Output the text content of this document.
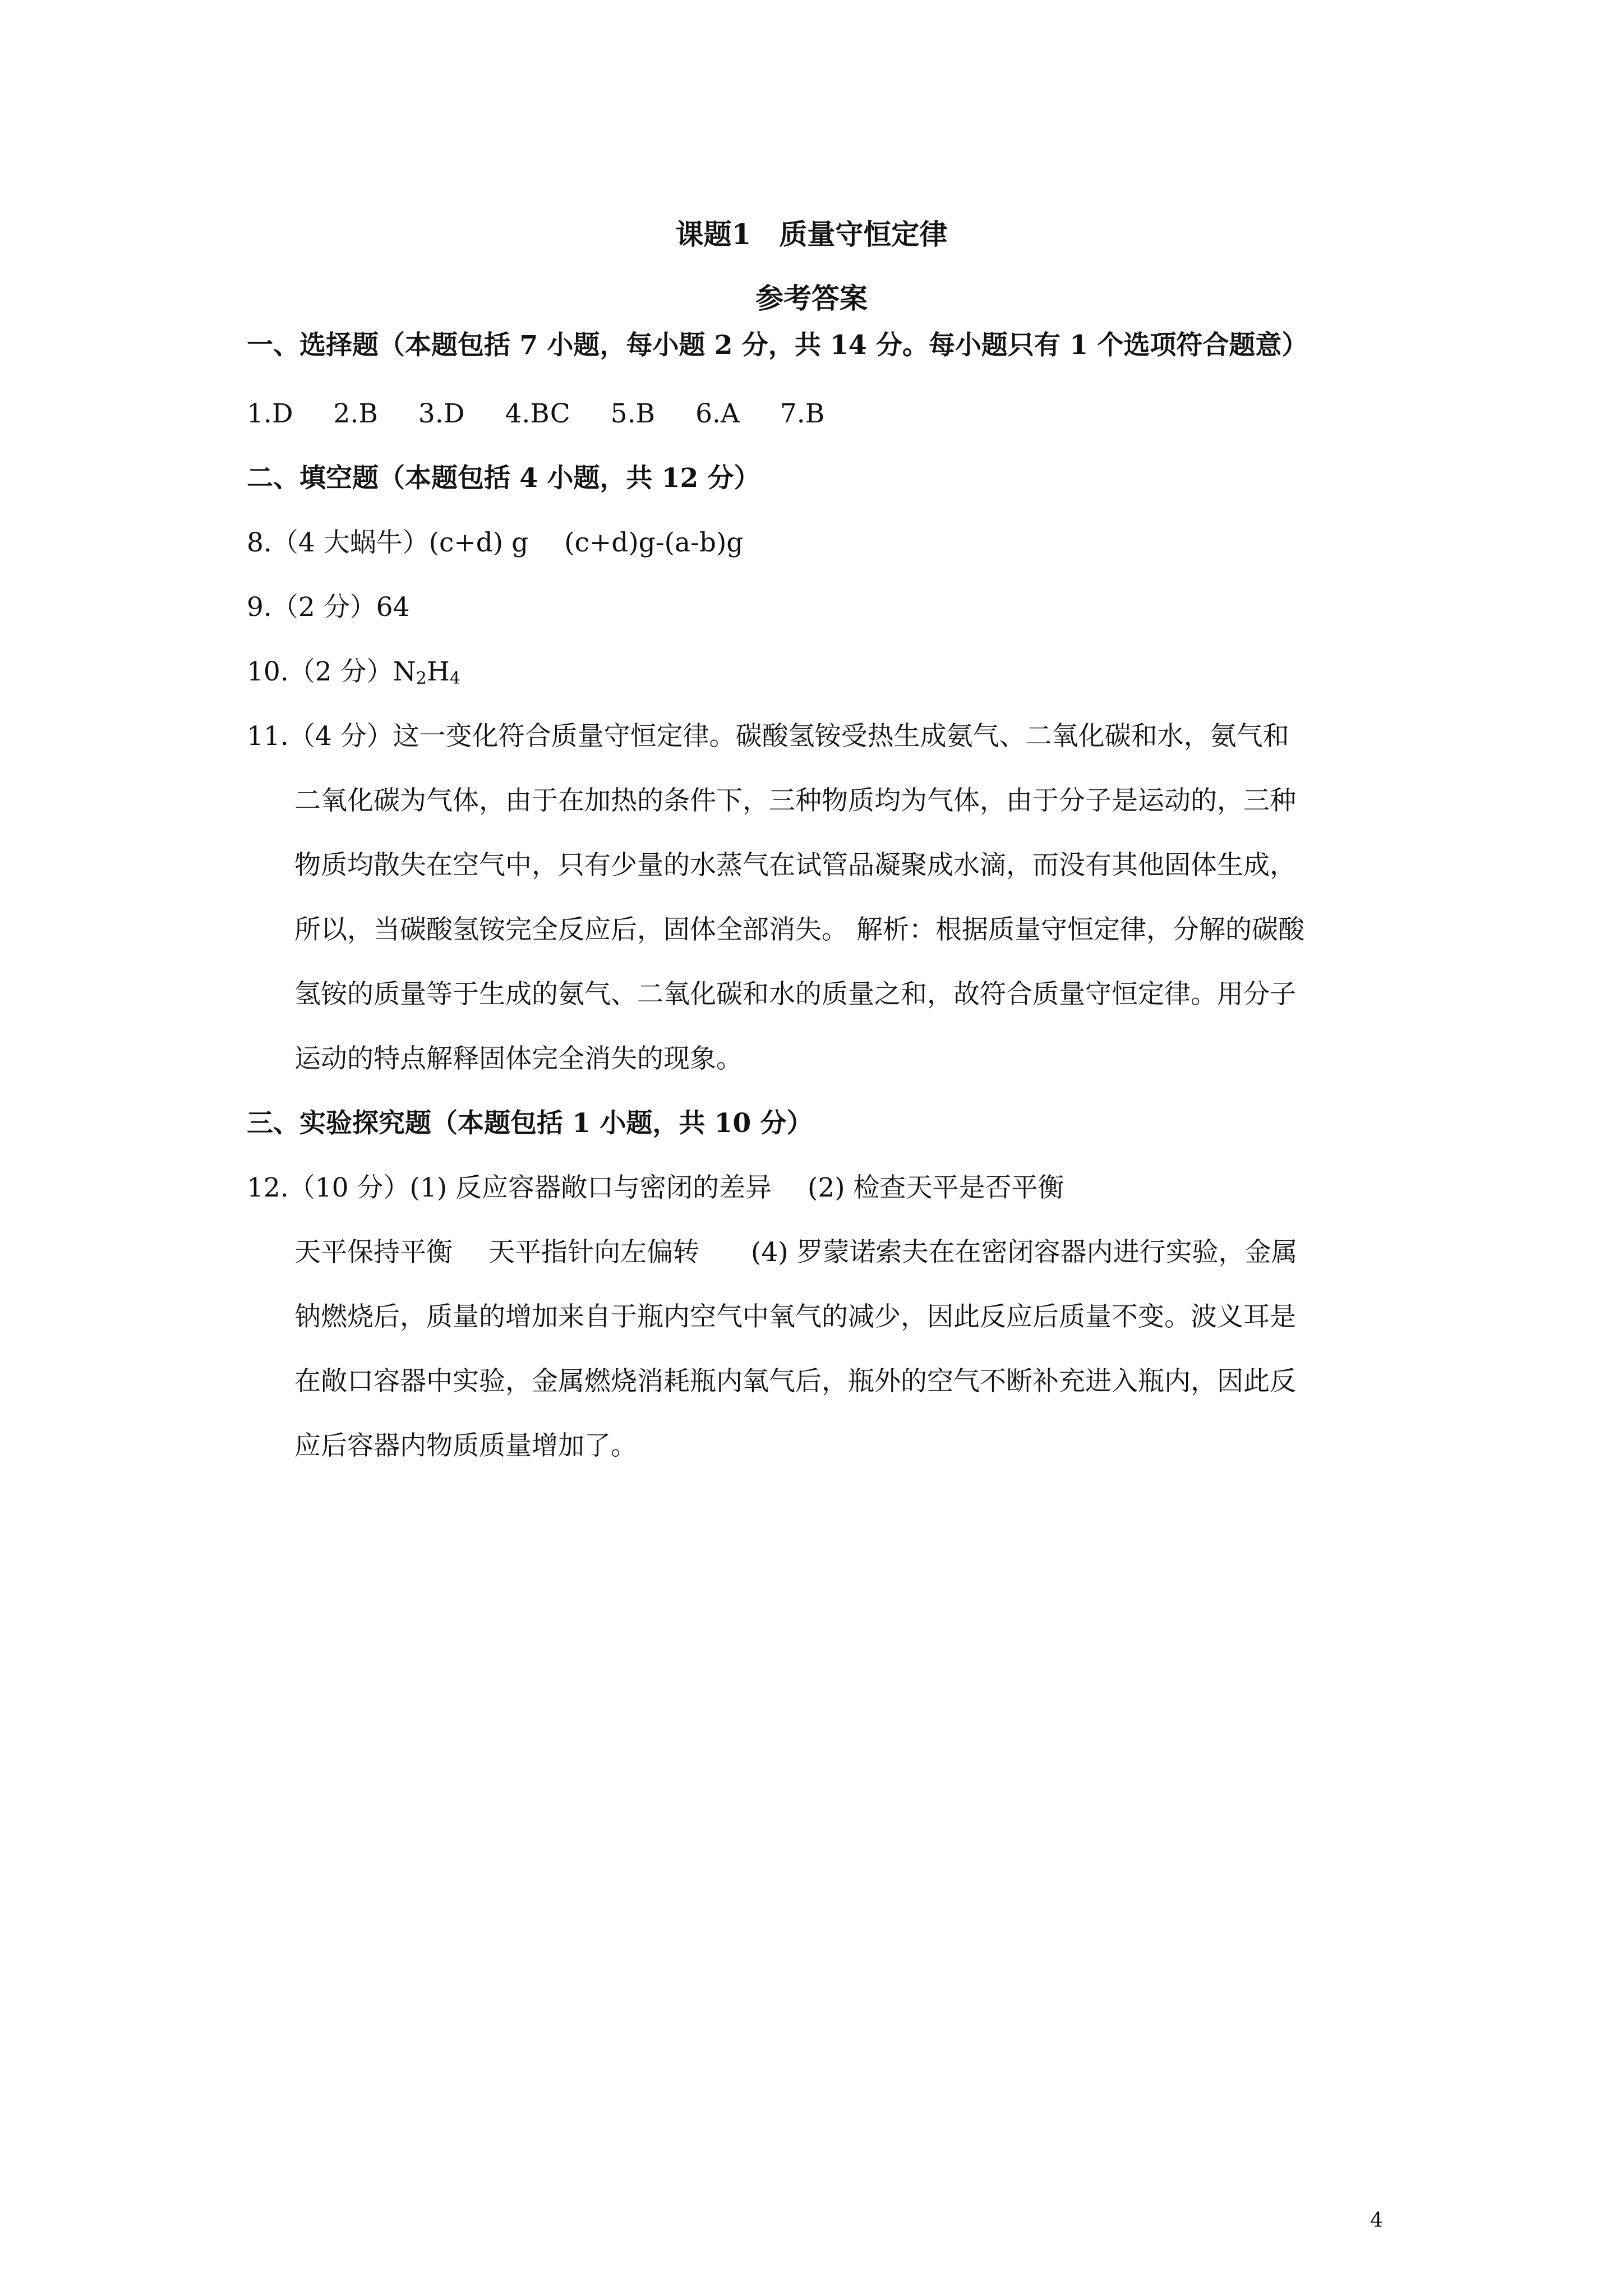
课题1　质量守恒定律
参考答案
一、选择题（本题包括 7 小题，每小题 2 分，共 14 分。每小题只有 1 个选项符合题意）
1.D 2.B 3.D 4.BC 5.B 6.A 7.B
二、填空题（本题包括 4 小题，共 12 分）
8.（4 大蜗牛）(c+d) g (c+d)g-(a-b)g
9.（2 分）64
10.（2 分）$N_2H_4$
11.（4 分）这一变化符合质量守恒定律。碳酸氢铵受热生成氨气、二氧化碳和水，氨气和
二氧化碳为气体，由于在加热的条件下，三种物质均为气体，由于分子是运动的，三种
物质均散失在空气中，只有少量的水蒸气在试管品凝聚成水滴，而没有其他固体生成，
所以，当碳酸氢铵完全反应后，固体全部消失。 解析：根据质量守恒定律，分解的碳酸
氢铵的质量等于生成的氨气、二氧化碳和水的质量之和，故符合质量守恒定律。用分子
运动的特点解释固体完全消失的现象。
三、实验探究题（本题包括 1 小题，共 10 分）
12.（10 分）(1) 反应容器敞口与密闭的差异 (2) 检查天平是否平衡
天平保持平衡 天平指针向左偏转 (4) 罗蒙诺索夫在在密闭容器内进行实验，金属
钠燃烧后，质量的增加来自于瓶内空气中氧气的减少，因此反应后质量不变。波义耳是
在敞口容器中实验，金属燃烧消耗瓶内氧气后，瓶外的空气不断补充进入瓶内，因此反
应后容器内物质质量增加了。
4
